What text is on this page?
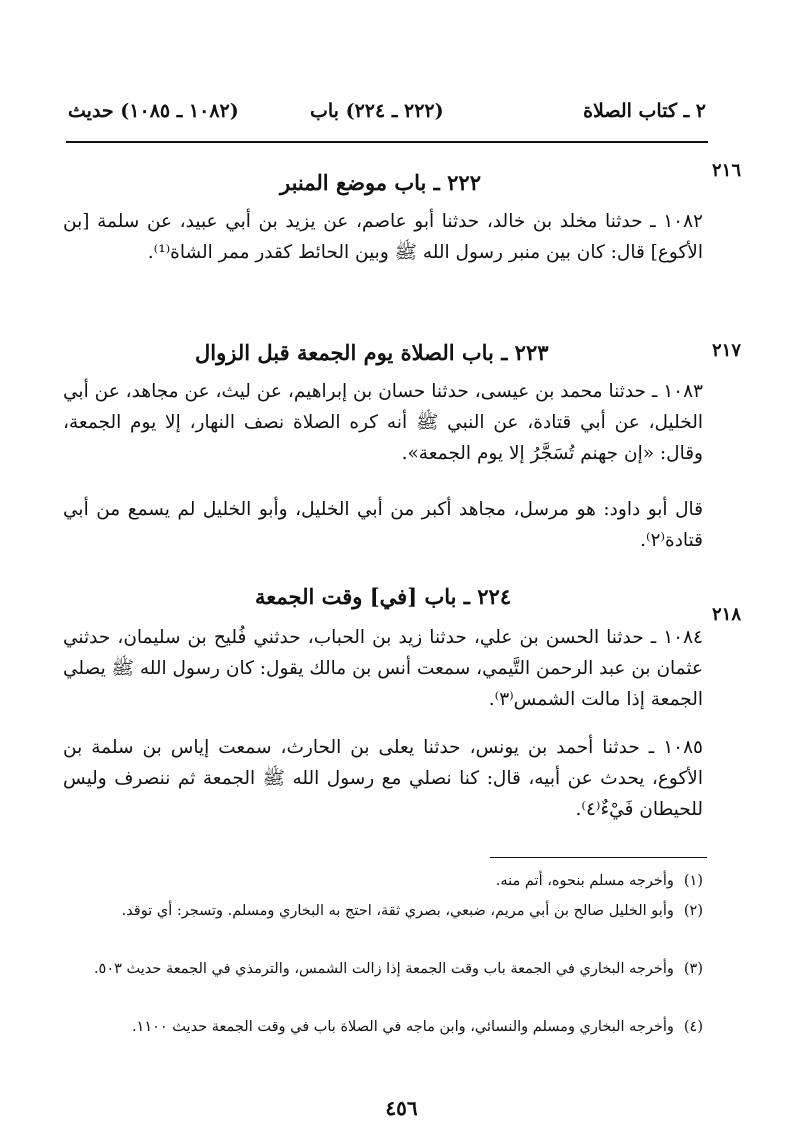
٢ ـ كتاب الصلاة
(٢٢٢ ـ ٢٢٤) باب
(١٠٨٢ ـ ١٠٨٥) حديث
٢١٦
٢٢٢ ـ باب موضع المنبر
١٠٨٢ ـ حدثنا مخلد بن خالد، حدثنا أبو عاصم، عن يزيد بن أبي عبيد، عن سلمة [بن الأكوع] قال: كان بين منبر رسول الله ﷺ وبين الحائط كقدر ممر الشاة⁽¹⁾.
٢١٧
٢٢٣ ـ باب الصلاة يوم الجمعة قبل الزوال
١٠٨٣ ـ حدثنا محمد بن عيسى، حدثنا حسان بن إبراهيم، عن ليث، عن مجاهد، عن أبي الخليل، عن أبي قتادة، عن النبي ﷺ أنه كره الصلاة نصف النهار، إلا يوم الجمعة، وقال: «إن جهنم تُسَجَّرُ إلا يوم الجمعة».
قال أبو داود: هو مرسل، مجاهد أكبر من أبي الخليل، وأبو الخليل لم يسمع من أبي قتادة⁽٢⁾.
٢١٨
٢٢٤ ـ باب [في] وقت الجمعة
١٠٨٤ ـ حدثنا الحسن بن علي، حدثنا زيد بن الحباب، حدثني فُليح بن سليمان، حدثني عثمان بن عبد الرحمن التَّيمي، سمعت أنس بن مالك يقول: كان رسول الله ﷺ يصلي الجمعة إذا مالت الشمس⁽٣⁾.
١٠٨٥ ـ حدثنا أحمد بن يونس، حدثنا يعلى بن الحارث، سمعت إياس بن سلمة بن الأكوع، يحدث عن أبيه، قال: كنا نصلي مع رسول الله ﷺ الجمعة ثم ننصرف وليس للحيطان فَيْءٌ⁽٤⁾.
(١)وأخرجه مسلم بنحوه، أتم منه.
(٢)وأبو الخليل صالح بن أبي مريم، ضبعي، بصري ثقة، احتج به البخاري ومسلم. وتسجر: أي توقد.
(٣)وأخرجه البخاري في الجمعة باب وقت الجمعة إذا زالت الشمس، والترمذي في الجمعة حديث ٥٠٣.
(٤)وأخرجه البخاري ومسلم والنسائي، وابن ماجه في الصلاة باب في وقت الجمعة حديث ١١٠٠.
٤٥٦
